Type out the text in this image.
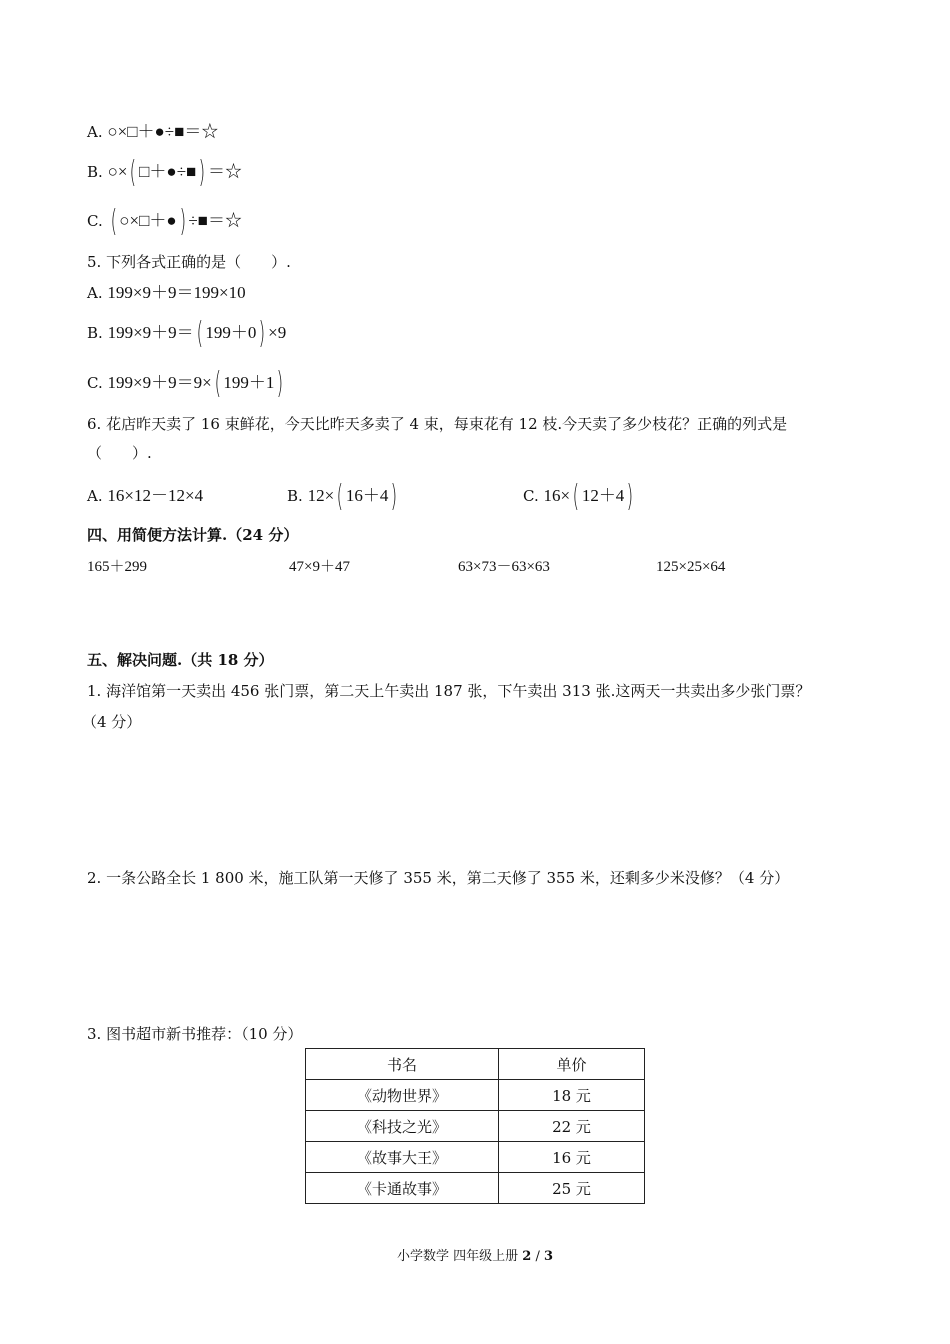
A. ○×□＋●÷■＝☆
B. ○×( □＋●÷■) ＝☆
C. ( ○×□＋●) ÷■＝☆
5. 下列各式正确的是（　　）.
A. 199×9＋9＝199×10
B. 199×9＋9＝( 199＋0) ×9
C. 199×9＋9＝9×( 199＋1)
6. 花店昨天卖了 16 束鲜花，今天比昨天多卖了 4 束，每束花有 12 枝.今天卖了多少枝花？正确的列式是
（　　）.
A. 16×12－12×4	B. 12×( 16＋4)	C. 16×( 12＋4)
四、用简便方法计算.（24 分）
165＋299	47×9＋47	63×73－63×63	125×25×64
五、解决问题.（共 18 分）
1. 海洋馆第一天卖出 456 张门票，第二天上午卖出 187 张，下午卖出 313 张.这两天一共卖出多少张门票？
（4 分）
2. 一条公路全长 1 800 米，施工队第一天修了 355 米，第二天修了 355 米，还剩多少米没修？（4 分）
3. 图书超市新书推荐：（10 分）
书名	单价
《动物世界》	18 元
《科技之光》	22 元
《故事大王》	16 元
《卡通故事》	25 元
小学数学 四年级上册 2 / 3
